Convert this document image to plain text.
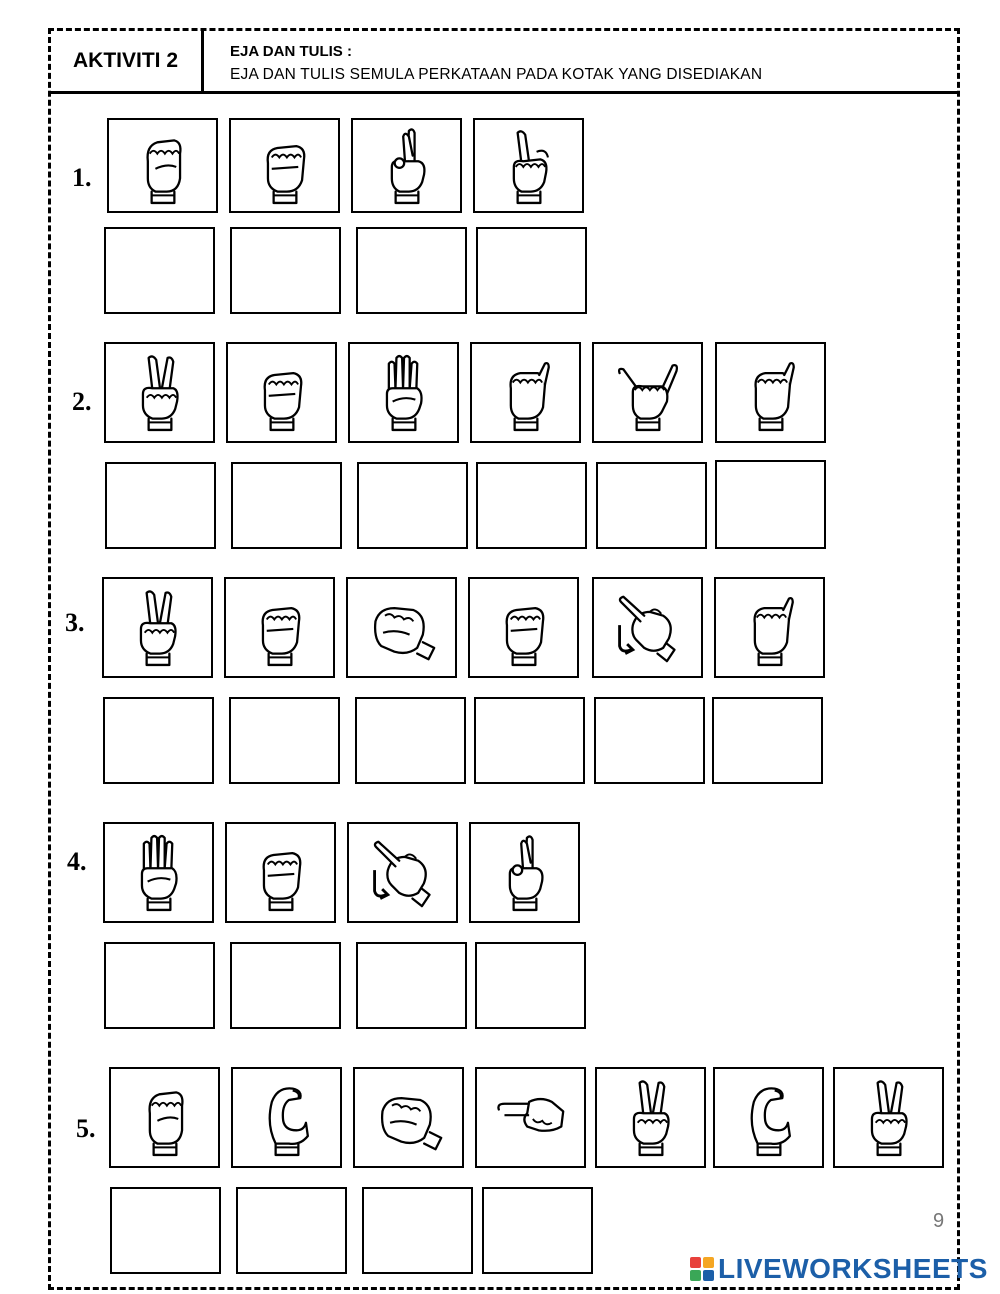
AKTIVITI 2	EJA DAN TULIS :
EJA DAN TULIS SEMULA PERKATAAN PADA KOTAK YANG DISEDIAKAN
1.
2.
3.
4.
5.
9
LIVEWORKSHEETS
